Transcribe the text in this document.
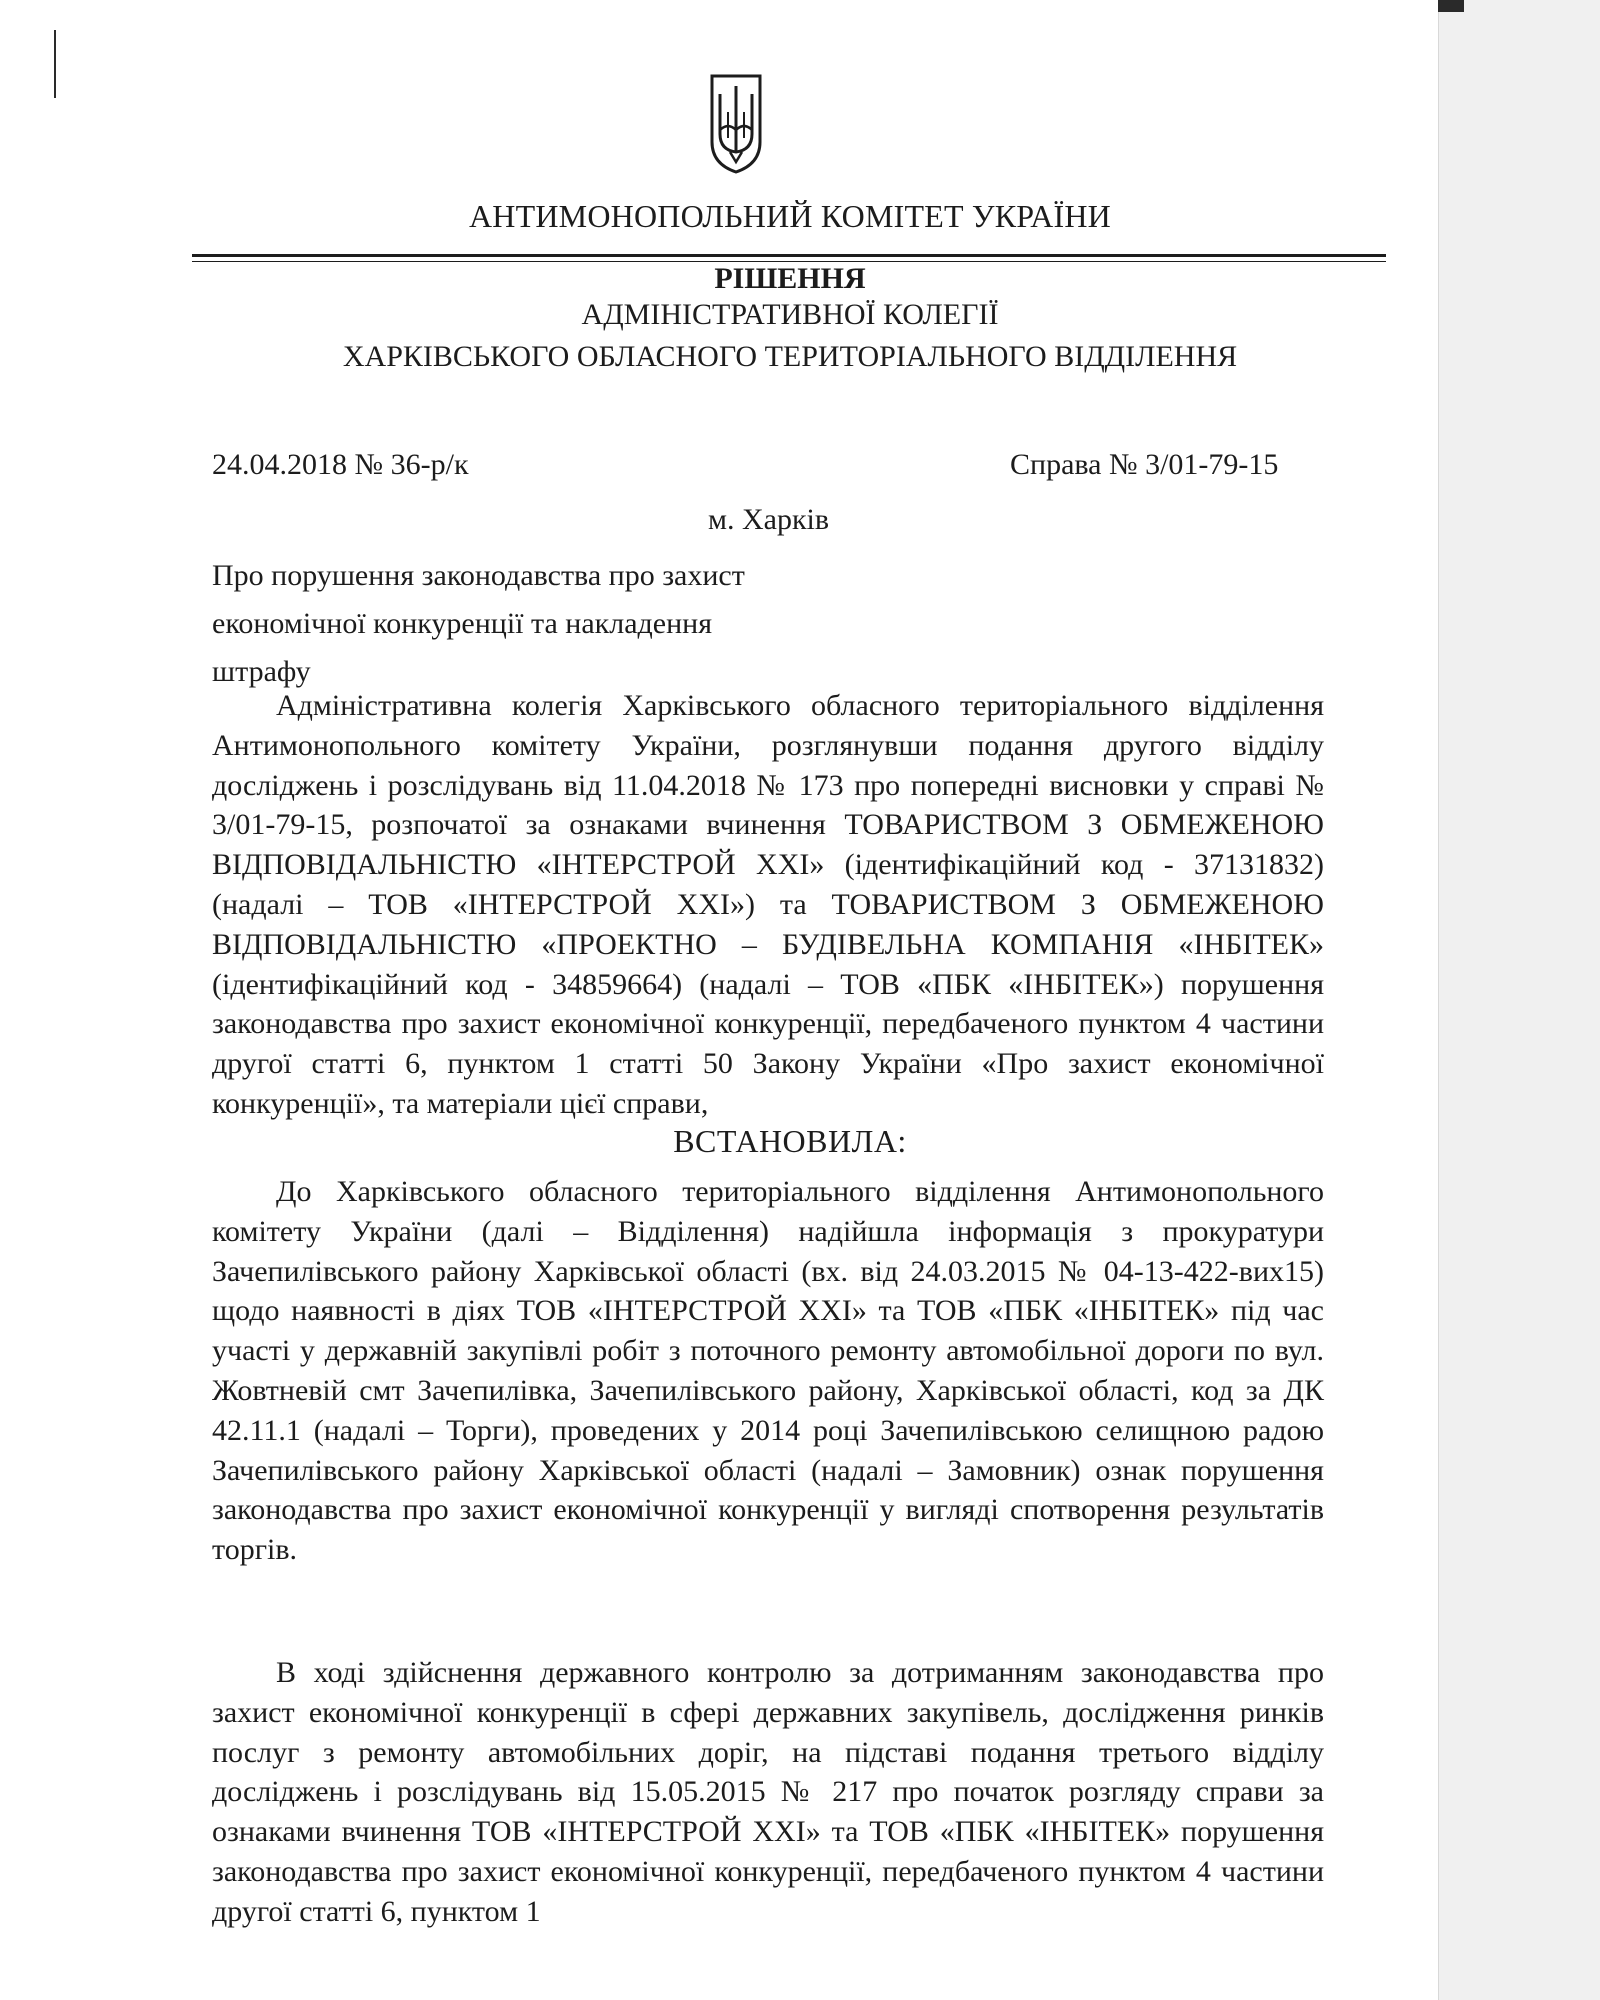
АНТИМОНОПОЛЬНИЙ КОМІТЕТ УКРАЇНИ
РІШЕННЯ
АДМІНІСТРАТИВНОЇ КОЛЕГІЇ
ХАРКІВСЬКОГО ОБЛАСНОГО ТЕРИТОРІАЛЬНОГО ВІДДІЛЕННЯ
24.04.2018 № 36-р/к	Справа № 3/01-79-15
м. Харків
Про порушення законодавства про захист економічної конкуренції та накладення штрафу
Адміністративна колегія Харківського обласного територіального відділення Антимонопольного комітету України, розглянувши подання другого відділу досліджень і розслідувань від 11.04.2018 № 173 про попередні висновки у справі № 3/01-79-15, розпочатої за ознаками вчинення ТОВАРИСТВОМ З ОБМЕЖЕНОЮ ВІДПОВІДАЛЬНІСТЮ «ІНТЕРСТРОЙ XXI» (ідентифікаційний код - 37131832) (надалі – ТОВ «ІНТЕРСТРОЙ XXI») та ТОВАРИСТВОМ З ОБМЕЖЕНОЮ ВІДПОВІДАЛЬНІСТЮ «ПРОЕКТНО – БУДІВЕЛЬНА КОМПАНІЯ «ІНБІТЕК» (ідентифікаційний код - 34859664) (надалі – ТОВ «ПБК «ІНБІТЕК») порушення законодавства про захист економічної конкуренції, передбаченого пунктом 4 частини другої статті 6, пунктом 1 статті 50 Закону України «Про захист економічної конкуренції», та матеріали цієї справи,
ВСТАНОВИЛА:
До Харківського обласного територіального відділення Антимонопольного комітету України (далі – Відділення) надійшла інформація з прокуратури Зачепилівського району Харківської області (вх. від 24.03.2015 № 04-13-422-вих15) щодо наявності в діях ТОВ «ІНТЕРСТРОЙ XXI» та ТОВ «ПБК «ІНБІТЕК» під час участі у державній закупівлі робіт з поточного ремонту автомобільної дороги по вул. Жовтневій смт Зачепилівка, Зачепилівського району, Харківської області, код за ДК 42.11.1 (надалі – Торги), проведених у 2014 році Зачепилівською селищною радою Зачепилівського району Харківської області (надалі – Замовник) ознак порушення законодавства про захист економічної конкуренції у вигляді спотворення результатів торгів.
В ході здійснення державного контролю за дотриманням законодавства про захист економічної конкуренції в сфері державних закупівель, дослідження ринків послуг з ремонту автомобільних доріг, на підставі подання третього відділу досліджень і розслідувань від 15.05.2015 № 217 про початок розгляду справи за ознаками вчинення ТОВ «ІНТЕРСТРОЙ XXI» та ТОВ «ПБК «ІНБІТЕК» порушення законодавства про захист економічної конкуренції, передбаченого пунктом 4 частини другої статті 6, пунктом 1
